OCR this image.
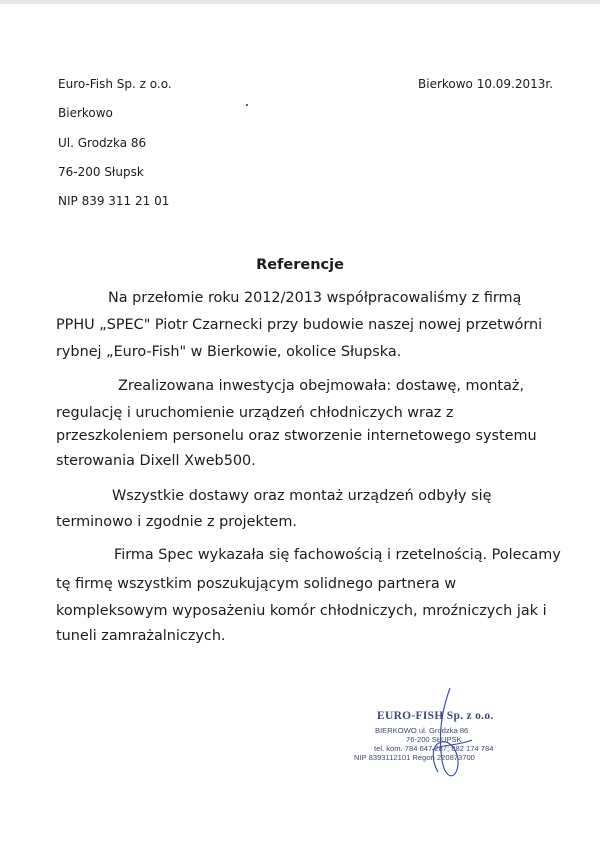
Euro-Fish Sp. z o.o.
Bierkowo
Ul. Grodzka 86
76-200 Słupsk
NIP 839 311 21 01
Bierkowo 10.09.2013r.
Referencje
Na przełomie roku 2012/2013 współpracowaliśmy z firmą
PPHU „SPEC" Piotr Czarnecki przy budowie naszej nowej przetwórni
rybnej „Euro-Fish" w Bierkowie, okolice Słupska.
Zrealizowana inwestycja obejmowała: dostawę, montaż,
regulację i uruchomienie urządzeń chłodniczych wraz z
przeszkoleniem personelu oraz stworzenie internetowego systemu
sterowania Dixell Xweb500.
Wszystkie dostawy oraz montaż urządzeń odbyły się
terminowo i zgodnie z projektem.
Firma Spec wykazała się fachowością i rzetelnością. Polecamy
tę firmę wszystkim poszukującym solidnego partnera w
kompleksowym wyposażeniu komór chłodniczych, mroźniczych jak i
tuneli zamrażalniczych.
EURO-FISH Sp. z o.o.
BIERKOWO ul. Grodzka 86
76-200 SŁUPSK
tel. kom. 784 647 287; 882 174 784
NIP 8393112101 Regon 220873700
